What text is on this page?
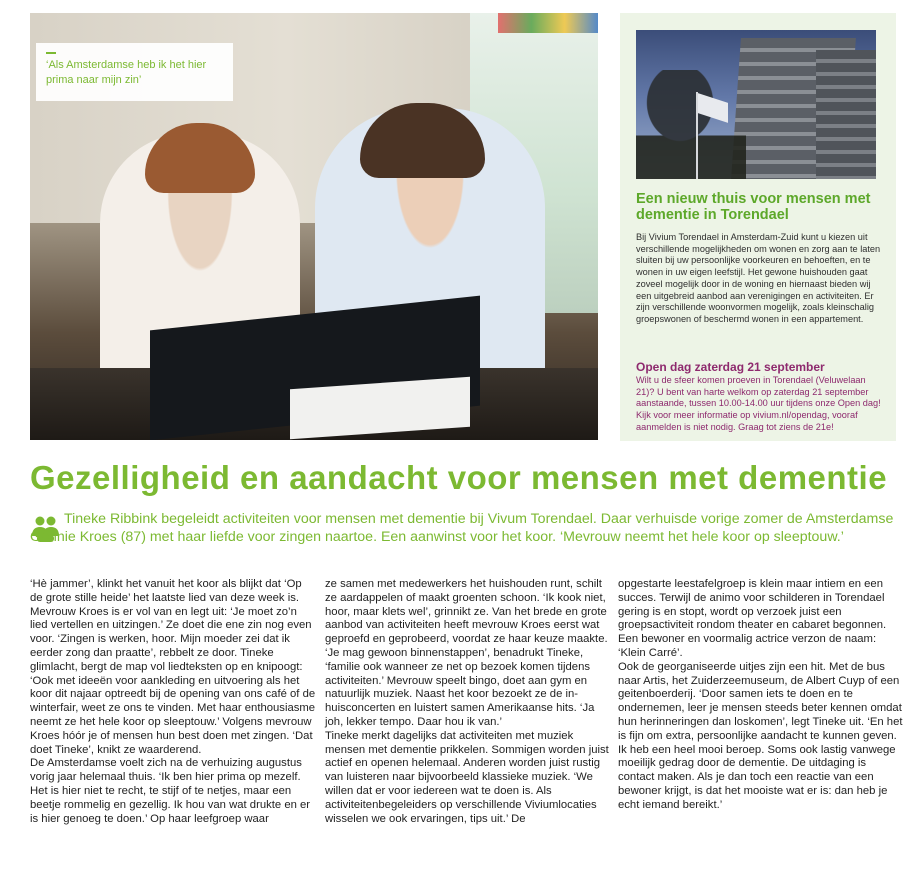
‘Als Amsterdamse heb ik het hier prima naar mijn zin’
Een nieuw thuis voor mensen met dementie in Torendael
Bij Vivium Torendael in Amsterdam-Zuid kunt u kiezen uit verschillende mogelijkheden om wonen en zorg aan te laten sluiten bij uw persoonlijke voorkeuren en behoeften, en te wonen in uw eigen leefstijl. Het gewone huishouden gaat zoveel mogelijk door in de woning en hiernaast bieden wij een uitgebreid aanbod aan verenigingen en activiteiten. Er zijn verschillende woonvormen mogelijk, zoals kleinschalig groepswonen of beschermd wonen in een appartement.
Open dag zaterdag 21 september
Wilt u de sfeer komen proeven in Torendael (Veluwelaan 21)? U bent van harte welkom op zaterdag 21 september aanstaande, tussen 10.00-14.00 uur tijdens onze Open dag! Kijk voor meer informatie op vivium.nl/opendag, vooraf aanmelden is niet nodig. Graag tot ziens de 21e!
Gezelligheid en aandacht voor mensen met dementie

Tineke Ribbink begeleidt activiteiten voor mensen met dementie bij Vivum Torendael. Daar verhuisde vorige zomer de Amsterdamse Gonnie Kroes (87) met haar liefde voor zingen naartoe. Een aanwinst voor het koor. ‘Mevrouw neemt het hele koor op sleeptouw.’

‘Hè jammer’, klinkt het vanuit het koor als blijkt dat ‘Op de grote stille heide’ het laatste lied van deze week is. Mevrouw Kroes is er vol van en legt uit: ‘Je moet zo’n lied vertellen en uitzingen.’ Ze doet die ene zin nog even voor. ‘Zingen is werken, hoor. Mijn moeder zei dat ik eerder zong dan praatte’, rebbelt ze door. Tineke glimlacht, bergt de map vol liedteksten op en knipoogt: ‘Ook met ideeën voor aankleding en uitvoering als het koor dit najaar optreedt bij de opening van ons café of de winterfair, weet ze ons te vinden. Met haar enthousiasme neemt ze het hele koor op sleeptouw.’ Volgens mevrouw Kroes hóór je of mensen hun best doen met zingen. ‘Dat doet Tineke’, knikt ze waarderend.

De Amsterdamse voelt zich na de verhuizing augustus vorig jaar helemaal thuis. ‘Ik ben hier prima op mezelf. Het is hier niet te recht, te stijf of te netjes, maar een beetje rommelig en gezellig. Ik hou van wat drukte en er is hier genoeg te doen.’ Op haar leefgroep waar

ze samen met medewerkers het huishouden runt, schilt ze aardappelen of maakt groenten schoon. ‘Ik kook niet, hoor, maar klets wel’, grinnikt ze. Van het brede en grote aanbod van activiteiten heeft mevrouw Kroes eerst wat geproefd en geprobeerd, voordat ze haar keuze maakte. ‘Je mag gewoon binnenstappen’, benadrukt Tineke, ‘familie ook wanneer ze net op bezoek komen tijdens activiteiten.’ Mevrouw speelt bingo, doet aan gym en natuurlijk muziek. Naast het koor bezoekt ze de in-huisconcerten en luistert samen Amerikaanse hits. ‘Ja joh, lekker tempo. Daar hou ik van.’

Tineke merkt dagelijks dat activiteiten met muziek mensen met dementie prikkelen. Sommigen worden juist actief en openen helemaal. Anderen worden juist rustig van luisteren naar bijvoorbeeld klassieke muziek. ‘We willen dat er voor iedereen wat te doen is. Als activiteitenbegeleiders op verschillende Viviumlocaties wisselen we ook ervaringen, tips uit.’ De

opgestarte leestafelgroep is klein maar intiem en een succes. Terwijl de animo voor schilderen in Torendael gering is en stopt, wordt op verzoek juist een groepsactiviteit rondom theater en cabaret begonnen. Een bewoner en voormalig actrice verzon de naam: ‘Klein Carré’.

Ook de georganiseerde uitjes zijn een hit. Met de bus naar Artis, het Zuiderzeemuseum, de Albert Cuyp of een geitenboerderij. ‘Door samen iets te doen en te ondernemen, leer je mensen steeds beter kennen omdat hun herinneringen dan loskomen’, legt Tineke uit. ‘En het is fijn om extra, persoonlijke aandacht te kunnen geven. Ik heb een heel mooi beroep. Soms ook lastig vanwege moeilijk gedrag door de dementie. De uitdaging is contact maken. Als je dan toch een reactie van een bewoner krijgt, is dat het mooiste wat er is: dan heb je echt iemand bereikt.’
